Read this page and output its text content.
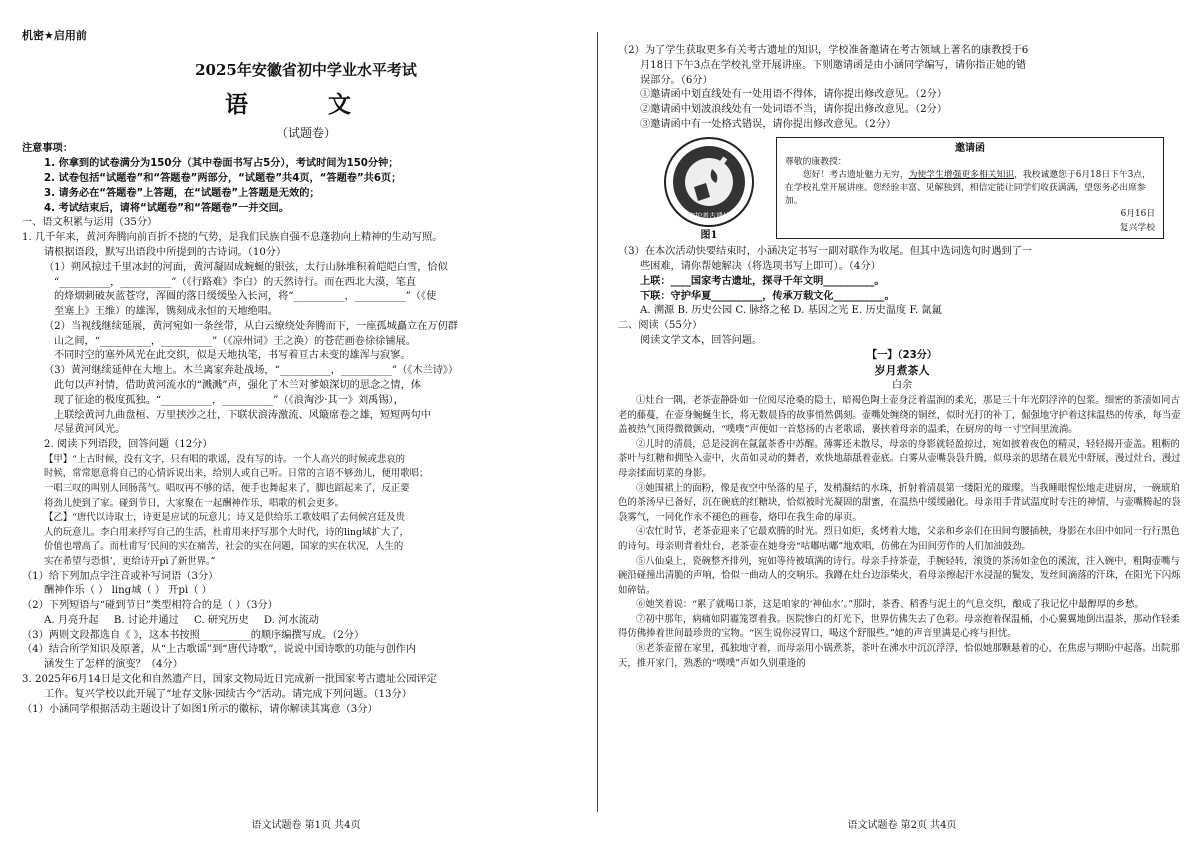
机密★启用前
2025年安徽省初中学业水平考试
语 文
（试题卷）

注意事项：

1. 你拿到的试卷满分为150分（其中卷面书写占5分），考试时间为150分钟；

2. 试卷包括“试题卷”和“答题卷”两部分，“试题卷”共4页，“答题卷”共6页；

3. 请务必在“答题卷”上答题，在“试题卷”上答题是无效的；

4. 考试结束后，请将“试题卷”和“答题卷”一并交回。

一、语文积累与运用（35分）

1. 几千年来，黄河奔腾向前百折不挠的气势，是我们民族自强不息蓬勃向上精神的生动写照。

请根据语段，默写出语段中所提到的古诗词。（10分）

（1）朔风掠过千里冰封的河面，黄河凝固成蜿蜒的银弦，太行山脉堆积着皑皑白雪，恰似

“__________，__________”（《行路难》李白）的天然诗行。而在西北大漠，笔直

的烽烟刺破灰蓝苍穹，浑圆的落日缓缓坠入长河，将“__________，__________”（《使

至塞上》王维）的雄浑，镌刻成永恒的天地绝唱。

（2）当视线继续延展，黄河宛如一条丝带，从白云缭绕处奔腾而下，一座孤城矗立在万仞群

山之间，“__________，__________”（《凉州词》王之涣）的苍茫画卷徐徐铺展。

不同时空的塞外风光在此交织，似是天地执笔，书写着亘古未变的雄浑与寂寥。

（3）黄河继续延伸在大地上。木兰离家奔赴战场，“__________，__________”（《木兰诗》）

此句以声衬情，借助黄河流水的“溅溅”声，强化了木兰对爹娘深切的思念之情，体

现了征途的极度孤独。“__________，__________”（《浪淘沙·其一》刘禹锡），

上联绘黄河九曲盘桓、万里挟沙之壮，下联状浪涛激流、风簸席卷之雄，短短两句中

尽显黄河风光。

2. 阅读下列语段，回答问题（12分）

【甲】“上古时候，没有文字，只有唱的歌谣，没有写的诗。一个人高兴的时候或悲哀的

时候，常常愿意将自己的心情诉说出来，给别人或自己听。日常的言语不够劲儿，便用歌唱；

一唱三叹的叫别人回肠荡气。唱叹再不够的话，便手也舞起来了，脚也蹈起来了，反正要

将劲儿使到了家。碰到节日，大家聚在一起酬神作乐，唱歌的机会更多。

【乙】“唐代以诗取士，诗更是应试的玩意儿；诗又是供给乐工歌妓唱了去伺候宫廷及贵

人的玩意儿。李白用来抒写自己的生活，杜甫用来抒写那个大时代，诗的ling域扩大了，

价值也增高了。而杜甫写‘民间的实在痛苦，社会的实在问题，国家的实在状况，人生的

实在希望与恐惧’，更给诗开pì了新世界。”

（1）给下列加点字注音或补写词语（3分）

酬神作乐（ ） ling域（ ） 开pì（ ）

（2）下列短语与“碰到节日”类型相符合的是（ ）（3分）

A. 月亮升起 B. 讨论并通过 C. 研究历史 D. 河水流动

（3）两则文段都选自《 》，这本书按照__________的顺序编撰写成。（2分）

（4）结合所学知识及原著，从“上古歌谣”到“唐代诗歌”，说说中国诗歌的功能与创作内

涵发生了怎样的演变？（4分）

3. 2025年6月14日是文化和自然遗产日，国家文物局近日完成新一批国家考古遗址公园评定

工作。复兴学校以此开展了“址存文脉·园续古今”活动。请完成下列问题。（13分）

（1）小涵同学根据活动主题设计了如图1所示的徽标，请你解读其寓意（3分）

语文试题卷 第1页 共4页

（2）为了学生获取更多有关考古遗址的知识，学校准备邀请在考古领域上著名的康教授于6

月18日下午3点在学校礼堂开展讲座。下则邀请函是由小涵同学编写，请你指正她的错

误部分。（6分）

①邀请函中划直线处有一处用语不得体，请你提出修改意见。（2分）

②邀请函中划波浪线处有一处词语不当，请你提出修改意见。（2分）

③邀请函中有一处格式错误，请你提出修改意见。（2分）

守护考古遗址
图1
邀请函
尊敬的康教授：
您好！考古遗址魅力无穷，为使学生增强更多相关知识，我校诚邀您于6月18日下午3点，在学校礼堂开展讲座。您经验丰富、见解独到，相信定能让同学们收获满满，望您务必出席参加。
6月16日
复兴学校

（3）在本次活动快要结束时，小涵决定书写一副对联作为收尾。但其中选词选句时遇到了一

些困难，请你帮她解决（将选项书写上即可）。（4分）

上联：____国家考古遗址，探寻千年文明__________。

下联：守护华夏__________，传承万载文化__________。

A. 溯源 B. 历史公园 C. 脉络之秘 D. 基因之光 E. 历史温度 F. 氤氲

二、阅读（55分）

阅读文学文本，回答问题。

【一】（23分）

岁月煮茶人

白余

①灶台一隅，老茶壶静卧如一位阅尽沧桑的隐士，暗褐色陶土壶身泛着温润的柔光，那是三十年光阴浮淬的包浆。细密的茶渍如同古老的藤蔓，在壶身蜿蜒生长，将无数晨昏的故事悄然偶刻。壶嘴处缠绕的铜丝，似时光打的补丁，倔强地守护着这抹温热的传承，每当壶盖被热气顶得微微颤动，“噗噗”声便如一首悠扬的古老歌谣，裹挟着母亲的温柔，在厨房的每一寸空间里流淌。

②儿时的清晨，总是浸润在氤氲茶香中苏醒。薄雾还未散尽，母亲的身影就轻盈掠过，宛如披着夜色的精灵，轻轻揭开壶盖。粗粝的茶叶与红糖和拥坠入壶中，火苗如灵动的舞者，欢快地舔舐着壶底。白雾从壶嘴袅袅升腾，似母亲的思绪在晨光中舒展，漫过灶台，漫过母亲揉面切菜的身影。

③她围裙上的面粉，像是夜空中坠落的星子，发梢凝结的水珠，折射着清晨第一缕阳光的璀璨。当我睡眼惺忪地走进厨房，一碗琥珀色的茶汤早已备好，沉在碗底的红糖块，恰似被时光凝固的甜蜜，在温热中缓缓融化。母亲用手背试温度时专注的神情，与壶嘴腾起的袅袅雾气，一同化作永不褪色的画卷，烙印在我生命的扉页。

④农忙时节，老茶壶迎来了它最欢腾的时光。烈日如炬，炙烤着大地，父亲和乡亲们在田间弯腰插秧，身影在水田中如同一行行黑色的诗句。母亲则背着灶台，老茶壶在她身旁“咕嘟咕嘟”地欢唱，仿佛在为田间劳作的人们加油鼓劲。

⑤八仙桌上，瓷碗整齐排列，宛如等待被填满的诗行。母亲手持茶壶，手腕轻转，滚烫的茶汤如金色的溪流，注入碗中，粗陶壶嘴与碗沿碰撞出清脆的声响，恰似一曲动人的交响乐。我蹲在灶台边添柴火，看母亲擦起汗水浸湿的鬓发，发丝间滴落的汗珠，在阳光下闪烁如碎钻。

⑥她笑着说：“累了就喝口茶，这是咱家的‘神仙水’。”那时，茶香、稻香与泥土的气息交织，酿成了我记忆中最醇厚的乡愁。

⑦初中那年，病痛如阴霾笼罩着我。医院惨白的灯光下，世界仿佛失去了色彩。母亲抱着保温桶，小心翼翼地倒出温茶，那动作轻柔得仿佛捧着世间最珍贵的宝物。“医生说你浸胃口，喝这个舒服些。”她的声音里满是心疼与担忧。

⑧老茶壶留在家里，孤独地守着，而母亲用小锅煮茶，茶叶在沸水中沉沉浮浮，恰似她那颗悬着的心，在焦虑与期盼中起落。出院那天，推开家门，熟悉的“噗噗”声如久别重逢的

语文试题卷 第2页 共4页
